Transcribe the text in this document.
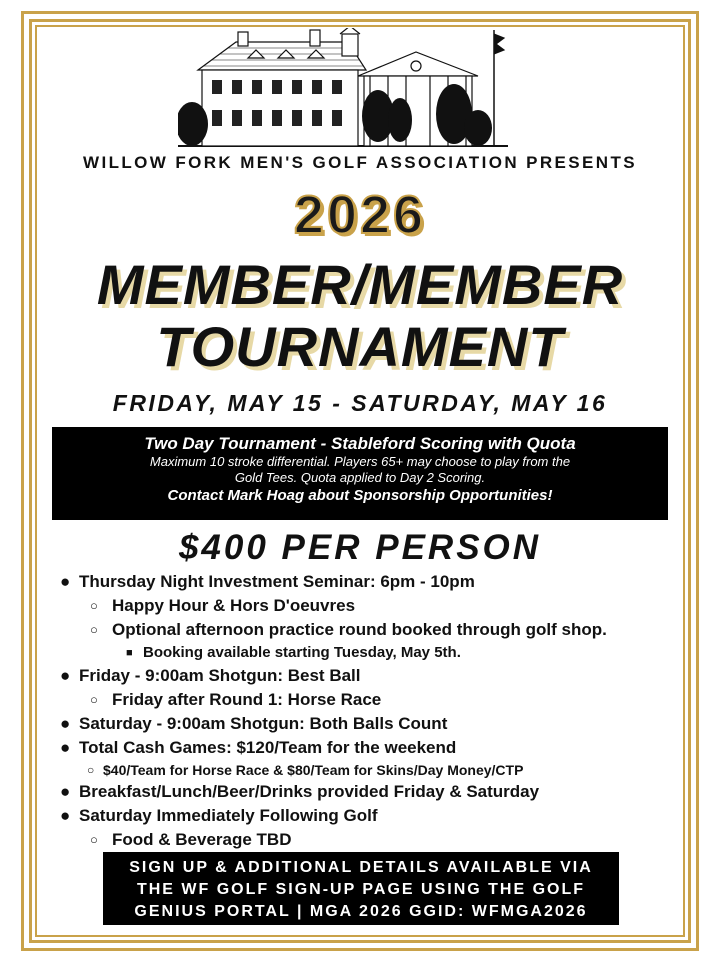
WILLOW FORK MEN'S GOLF ASSOCIATION PRESENTS
2026
MEMBER/MEMBER
TOURNAMENT
FRIDAY, MAY 15 - SATURDAY, MAY 16
Two Day Tournament - Stableford Scoring with Quota
Maximum 10 stroke differential. Players 65+ may choose to play from the Gold Tees. Quota applied to Day 2 Scoring.
Contact Mark Hoag about Sponsorship Opportunities!
$400 PER PERSON
● Thursday Night Investment Seminar: 6pm - 10pm
○ Happy Hour & Hors D'oeuvres
○ Optional afternoon practice round booked through golf shop.
■ Booking available starting Tuesday, May 5th.
● Friday - 9:00am Shotgun: Best Ball
○ Friday after Round 1: Horse Race
● Saturday - 9:00am Shotgun: Both Balls Count
● Total Cash Games: $120/Team for the weekend
○ $40/Team for Horse Race & $80/Team for Skins/Day Money/CTP
● Breakfast/Lunch/Beer/Drinks provided Friday & Saturday
● Saturday Immediately Following Golf
○ Food & Beverage TBD
SIGN UP & ADDITIONAL DETAILS AVAILABLE VIA
THE WF GOLF SIGN-UP PAGE USING THE GOLF
GENIUS PORTAL | MGA 2026 GGID: WFMGA2026
